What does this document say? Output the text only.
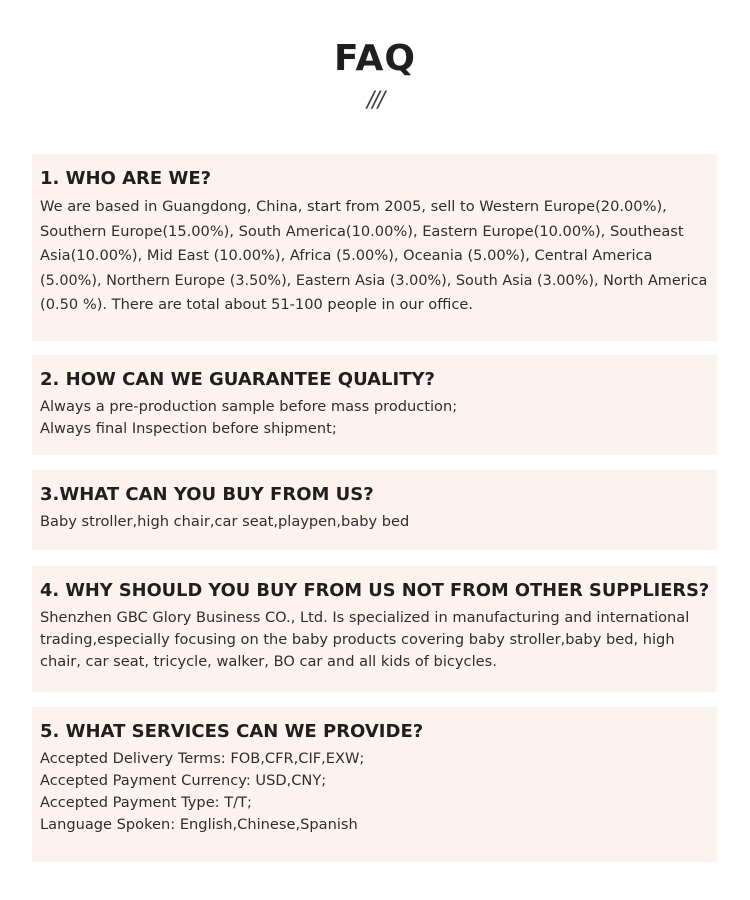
FAQ
///
1. WHO ARE WE?

We are based in Guangdong, China, start from 2005, sell to Western Europe(20.00%),
Southern Europe(15.00%), South America(10.00%), Eastern Europe(10.00%), Southeast
Asia(10.00%), Mid East (10.00%), Africa (5.00%), Oceania (5.00%), Central America
(5.00%), Northern Europe (3.50%), Eastern Asia (3.00%), South Asia (3.00%), North America
(0.50 %). There are total about 51-100 people in our office.

2. HOW CAN WE GUARANTEE QUALITY?

Always a pre-production sample before mass production;
Always final Inspection before shipment;

3.WHAT CAN YOU BUY FROM US?

Baby stroller,high chair,car seat,playpen,baby bed

4. WHY SHOULD YOU BUY FROM US NOT FROM OTHER SUPPLIERS?

Shenzhen GBC Glory Business CO., Ltd. Is specialized in manufacturing and international
trading,especially focusing on the baby products covering baby stroller,baby bed, high
chair, car seat, tricycle, walker, BO car and all kids of bicycles.

5. WHAT SERVICES CAN WE PROVIDE?

Accepted Delivery Terms: FOB,CFR,CIF,EXW;
Accepted Payment Currency: USD,CNY;
Accepted Payment Type: T/T;
Language Spoken: English,Chinese,Spanish
